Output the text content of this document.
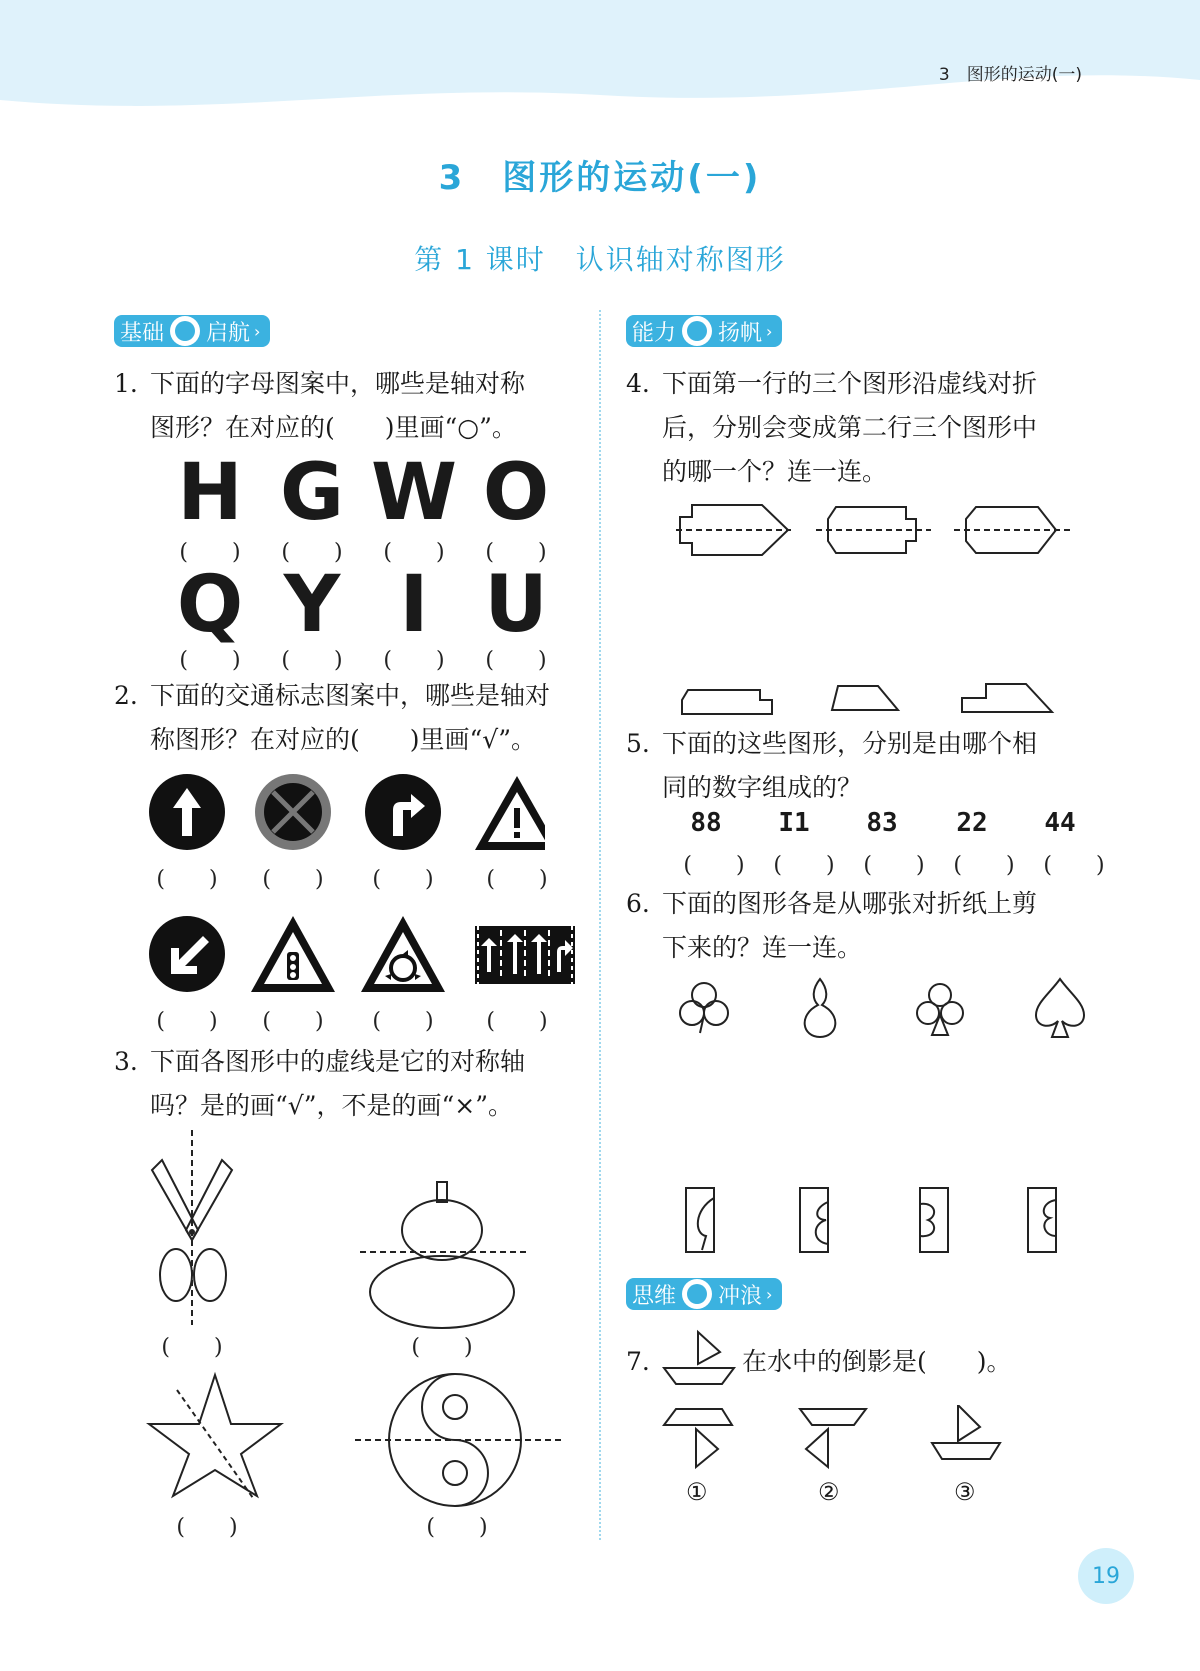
3　图形的运动(一)
3　图形的运动(一)
第 1 课时　认识轴对称图形
基础 启航 ›
1. 下面的字母图案中，哪些是轴对称
图形？在对应的(　　)里画“○”。
H G W O
(　　)	(　　)	(　　)	(　　)
Q Y I U
(　　)	(　　)	(　　)	(　　)
2. 下面的交通标志图案中，哪些是轴对
称图形？在对应的(　　)里画“√”。
(　　)	(　　)	(　　)	(　　)
(　　)	(　　)	(　　)	(　　)
3. 下面各图形中的虚线是它的对称轴
吗？是的画“√”，不是的画“×”。
(　　)	(　　)
(　　)	(　　)
能力 扬帆 ›
4. 下面第一行的三个图形沿虚线对折
后，分别会变成第二行三个图形中
的哪一个？连一连。
5. 下面的这些图形，分别是由哪个相
同的数字组成的？
88	I1	83	22	44
(　　)	(　　)	(　　)	(　　)	(　　)
6. 下面的图形各是从哪张对折纸上剪
下来的？连一连。
思维 冲浪 ›
7.	在水中的倒影是(　　)。
①	②	③
19
